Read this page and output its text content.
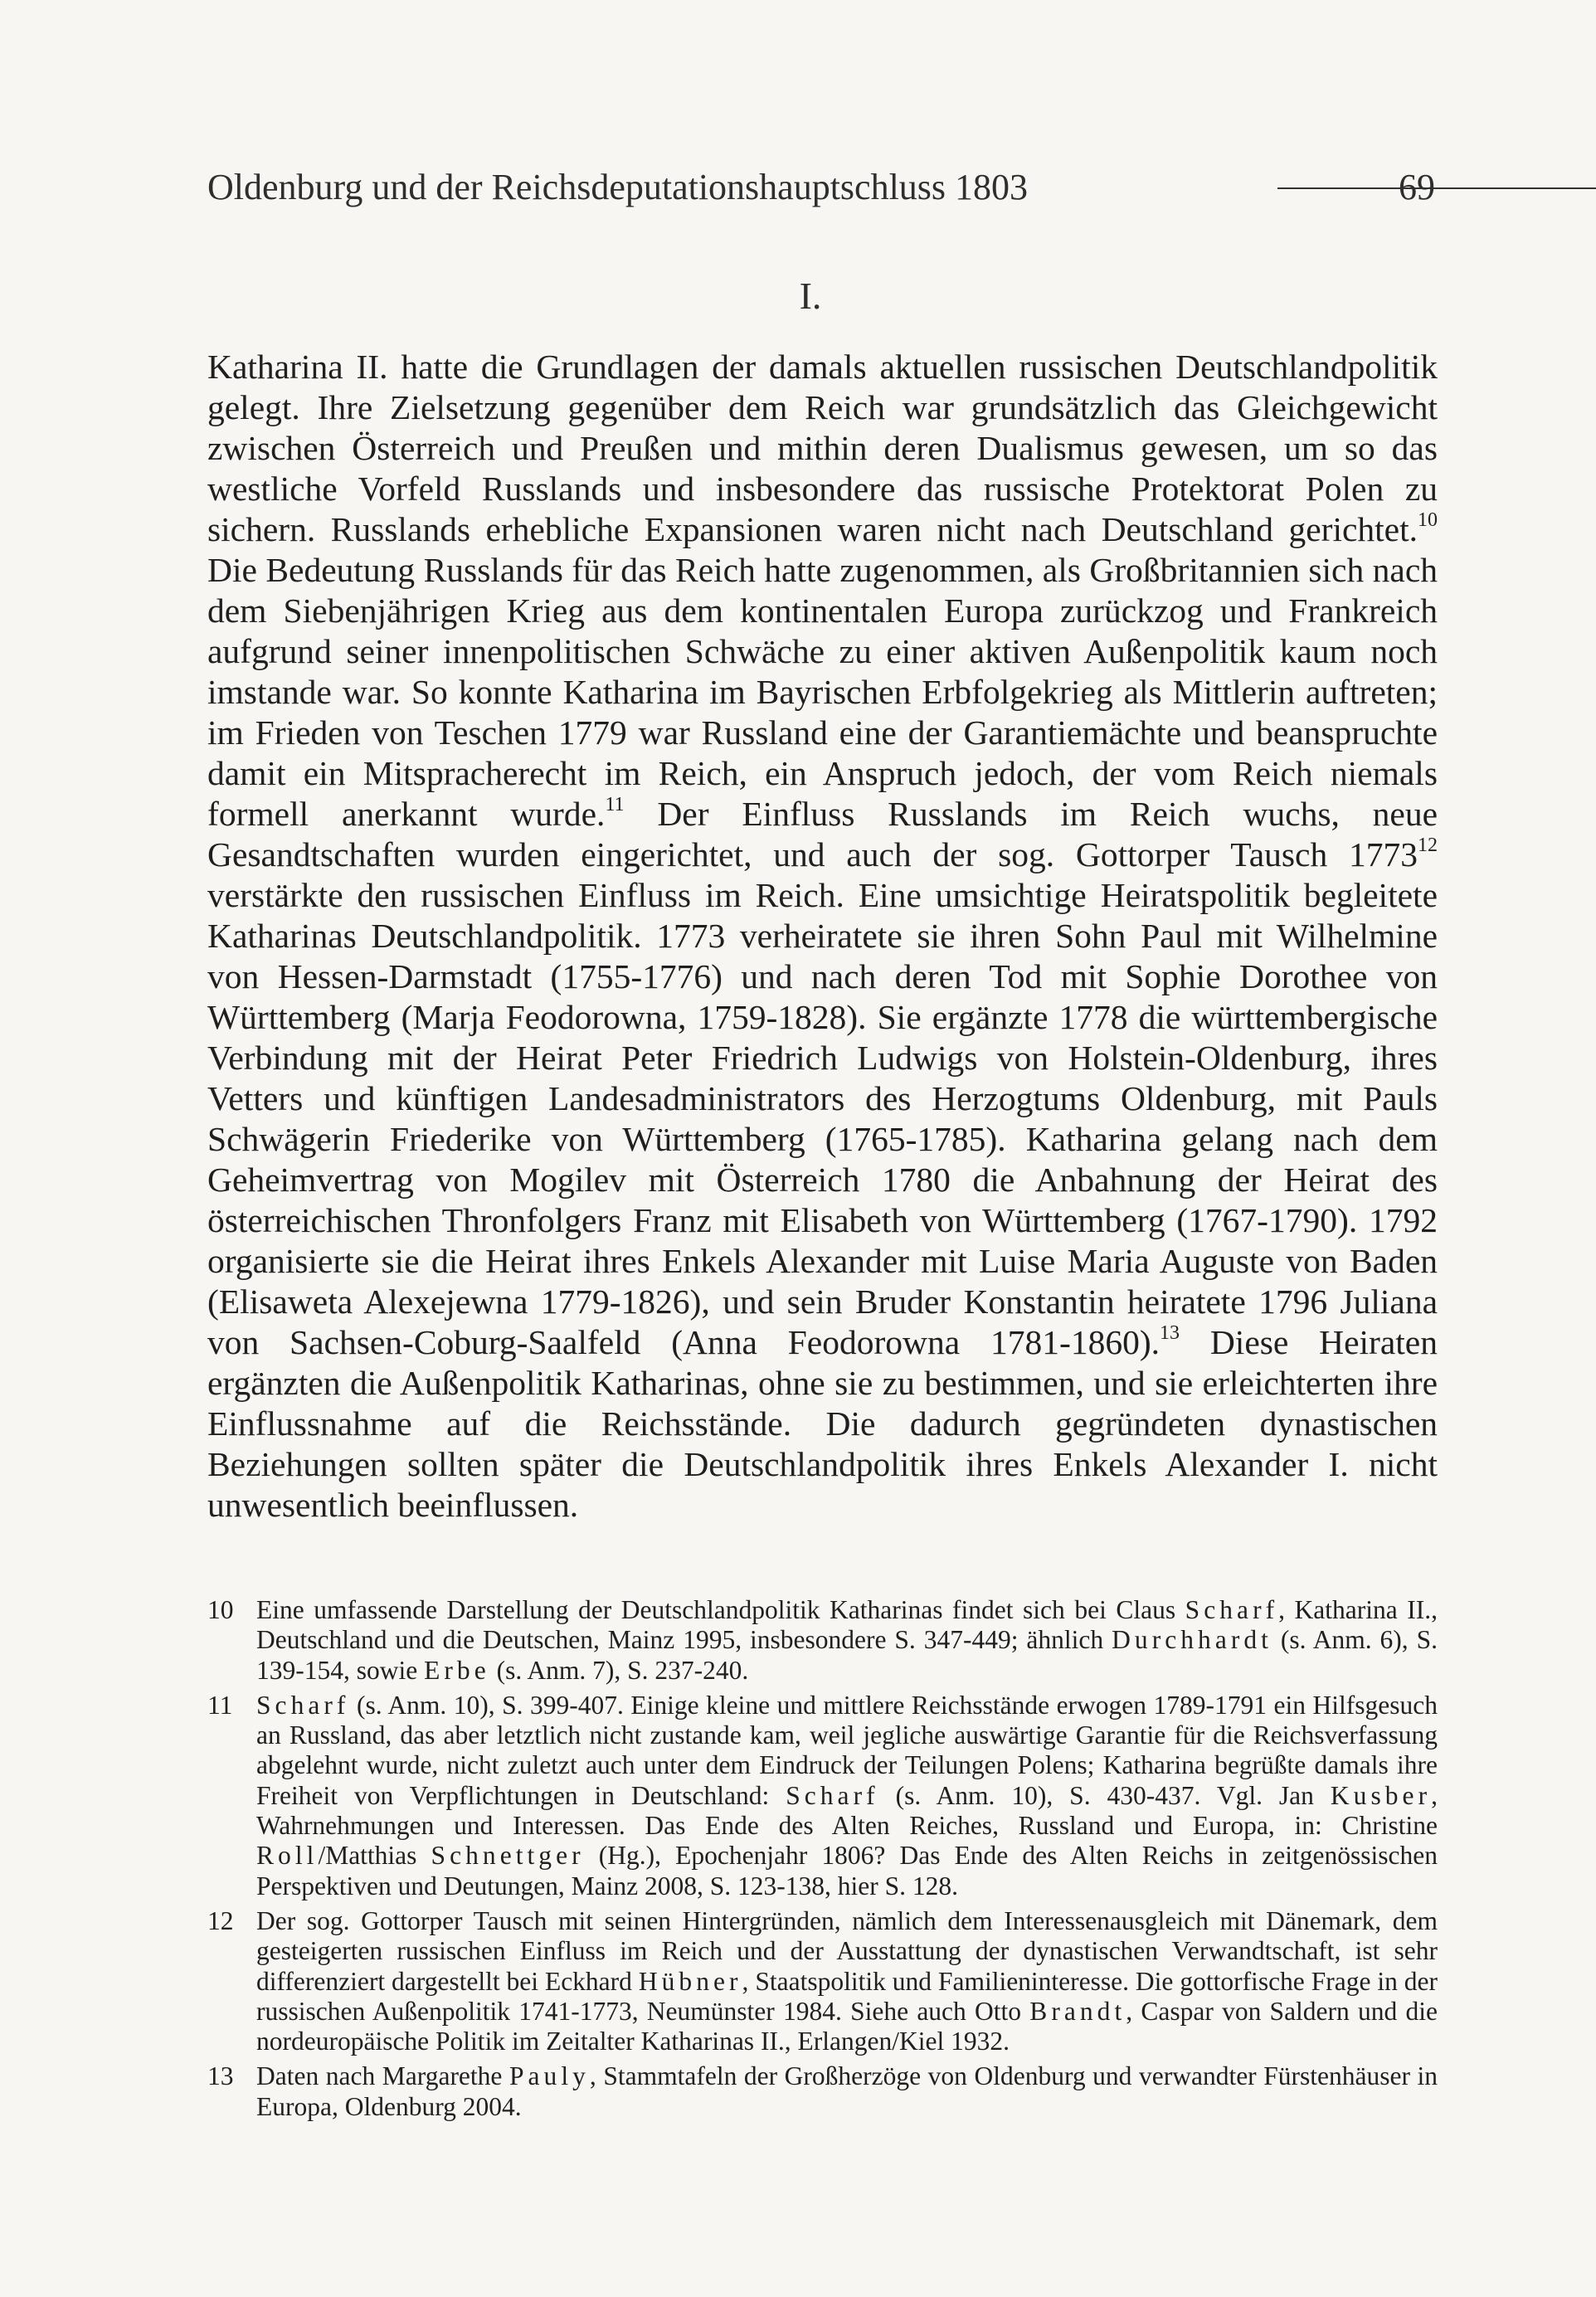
Oldenburg und der Reichsdeputationshauptschluss 1803	69
I.

Katharina II. hatte die Grundlagen der damals aktuellen russischen Deutschlandpolitik gelegt. Ihre Zielsetzung gegenüber dem Reich war grundsätzlich das Gleichgewicht zwischen Österreich und Preußen und mithin deren Dualismus gewesen, um so das westliche Vorfeld Russlands und insbesondere das russische Protektorat Polen zu sichern. Russlands erhebliche Expansionen waren nicht nach Deutschland gerichtet.$^{10}$ Die Bedeutung Russlands für das Reich hatte zugenommen, als Großbritannien sich nach dem Siebenjährigen Krieg aus dem kontinentalen Europa zurückzog und Frankreich aufgrund seiner innenpolitischen Schwäche zu einer aktiven Außenpolitik kaum noch imstande war. So konnte Katharina im Bayrischen Erbfolgekrieg als Mittlerin auftreten; im Frieden von Teschen 1779 war Russland eine der Garantiemächte und beanspruchte damit ein Mitspracherecht im Reich, ein Anspruch jedoch, der vom Reich niemals formell anerkannt wurde.$^{11}$ Der Einfluss Russlands im Reich wuchs, neue Gesandtschaften wurden eingerichtet, und auch der sog. Gottorper Tausch 1773$^{12}$ verstärkte den russischen Einfluss im Reich. Eine umsichtige Heiratspolitik begleitete Katharinas Deutschlandpolitik. 1773 verheiratete sie ihren Sohn Paul mit Wilhelmine von Hessen-Darmstadt (1755-1776) und nach deren Tod mit Sophie Dorothee von Württemberg (Marja Feodorowna, 1759-1828). Sie ergänzte 1778 die württembergische Verbindung mit der Heirat Peter Friedrich Ludwigs von Holstein-Oldenburg, ihres Vetters und künftigen Landesadministrators des Herzogtums Oldenburg, mit Pauls Schwägerin Friederike von Württemberg (1765-1785). Katharina gelang nach dem Geheimvertrag von Mogilev mit Österreich 1780 die Anbahnung der Heirat des österreichischen Thronfolgers Franz mit Elisabeth von Württemberg (1767-1790). 1792 organisierte sie die Heirat ihres Enkels Alexander mit Luise Maria Auguste von Baden (Elisaweta Alexejewna 1779-1826), und sein Bruder Konstantin heiratete 1796 Juliana von Sachsen-Coburg-Saalfeld (Anna Feodorowna 1781-1860).$^{13}$ Diese Heiraten ergänzten die Außenpolitik Katharinas, ohne sie zu bestimmen, und sie erleichterten ihre Einflussnahme auf die Reichsstände. Die dadurch gegründeten dynastischen Beziehungen sollten später die Deutschlandpolitik ihres Enkels Alexander I. nicht unwesentlich beeinflussen.

10 Eine umfassende Darstellung der Deutschlandpolitik Katharinas findet sich bei Claus Scharf, Katharina II., Deutschland und die Deutschen, Mainz 1995, insbesondere S. 347-449; ähnlich Durchhardt (s. Anm. 6), S. 139-154, sowie Erbe (s. Anm. 7), S. 237-240.
11 Scharf (s. Anm. 10), S. 399-407. Einige kleine und mittlere Reichsstände erwogen 1789-1791 ein Hilfsgesuch an Russland, das aber letztlich nicht zustande kam, weil jegliche auswärtige Garantie für die Reichsverfassung abgelehnt wurde, nicht zuletzt auch unter dem Eindruck der Teilungen Polens; Katharina begrüßte damals ihre Freiheit von Verpflichtungen in Deutschland: Scharf (s. Anm. 10), S. 430-437. Vgl. Jan Kusber, Wahrnehmungen und Interessen. Das Ende des Alten Reiches, Russland und Europa, in: Christine Roll/Matthias Schnettger (Hg.), Epochenjahr 1806? Das Ende des Alten Reichs in zeitgenössischen Perspektiven und Deutungen, Mainz 2008, S. 123-138, hier S. 128.
12 Der sog. Gottorper Tausch mit seinen Hintergründen, nämlich dem Interessenausgleich mit Dänemark, dem gesteigerten russischen Einfluss im Reich und der Ausstattung der dynastischen Verwandtschaft, ist sehr differenziert dargestellt bei Eckhard Hübner, Staatspolitik und Familieninteresse. Die gottorfische Frage in der russischen Außenpolitik 1741-1773, Neumünster 1984. Siehe auch Otto Brandt, Caspar von Saldern und die nordeuropäische Politik im Zeitalter Katharinas II., Erlangen/Kiel 1932.
13 Daten nach Margarethe Pauly, Stammtafeln der Großherzöge von Oldenburg und verwandter Fürstenhäuser in Europa, Oldenburg 2004.
